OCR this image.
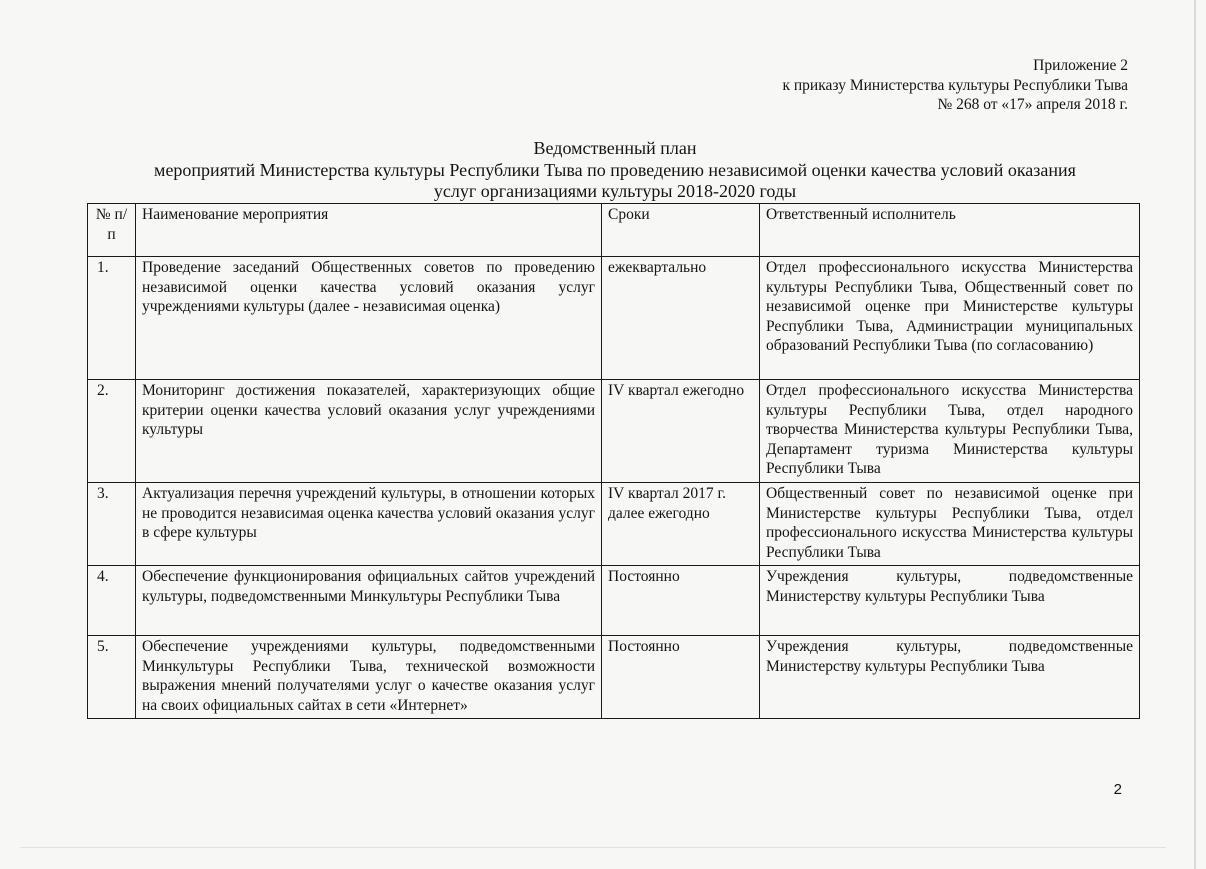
Приложение 2
к приказу Министерства культуры Республики Тыва
№ 268 от «17» апреля 2018 г.
Ведомственный план
мероприятий Министерства культуры Республики Тыва по проведению независимой оценки качества условий оказания
услуг организациями культуры 2018-2020 годы
№ п/п	Наименование мероприятия	Сроки	Ответственный исполнитель

1.	Проведение заседаний Общественных советов по проведению независимой оценки качества условий оказания услуг учреждениями культуры (далее - независимая оценка)	ежеквартально	Отдел профессионального искусства Министерства культуры Республики Тыва, Общественный совет по независимой оценке при Министерстве культуры Республики Тыва, Администрации муниципальных образований Республики Тыва (по согласованию)

2.	Мониторинг достижения показателей, характеризующих общие критерии оценки качества условий оказания услуг учреждениями культуры	IV квартал ежегодно	Отдел профессионального искусства Министерства культуры Республики Тыва, отдел народного творчества Министерства культуры Республики Тыва, Департамент туризма Министерства культуры Республики Тыва

3.	Актуализация перечня учреждений культуры, в отношении которых не проводится независимая оценка качества условий оказания услуг в сфере культуры	IV квартал 2017 г. далее ежегодно	Общественный совет по независимой оценке при Министерстве культуры Республики Тыва, отдел профессионального искусства Министерства культуры Республики Тыва

4.	Обеспечение функционирования официальных сайтов учреждений культуры, подведомственными Минкультуры Республики Тыва	Постоянно	Учреждения культуры, подведомственные Министерству культуры Республики Тыва

5.	Обеспечение учреждениями культуры, подведомственными Минкультуры Республики Тыва, технической возможности выражения мнений получателями услуг о качестве оказания услуг на своих официальных сайтах в сети «Интернет»	Постоянно	Учреждения культуры, подведомственные Министерству культуры Республики Тыва
2
